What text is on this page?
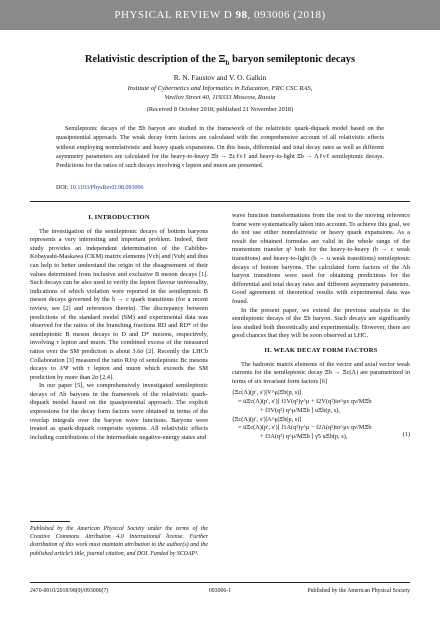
PHYSICAL REVIEW D 98, 093006 (2018)
Relativistic description of the $\Xi_b$ baryon semileptonic decays
R. N. Faustov and V. O. Galkin
Institute of Cybernetics and Informatics in Education, FRC CSC RAS,
Vavilov Street 40, 119333 Moscow, Russia
(Received 8 October 2018; published 21 November 2018)
Semileptonic decays of the Ξb baryon are studied in the framework of the relativistic quark-diquark model based on the quasipotential approach. The weak decay form factors are calculated with the comprehensive account of all relativistic effects without employing nonrelativistic and heavy quark expansions. On this basis, differential and total decay rates as well as different asymmetry parameters are calculated for the heavy-to-heavy Ξb → Ξcℓνℓ and heavy-to-light Ξb → Λℓνℓ semileptonic decays. Predictions for the ratios of such decays involving τ lepton and muon are presented.
DOI: 10.1103/PhysRevD.98.093006
I. INTRODUCTION

The investigation of the semileptonic decays of bottom baryons represents a very interesting and important problem. Indeed, their study provides an independent determination of the Cabibbo-Kobayashi-Maskawa (CKM) matrix elements |Vcb| and |Vub| and thus can help to better understand the origin of the disagreement of their values determined from inclusive and exclusive B meson decays [1]. Such decays can be also used to verify the lepton flavour universality, indications of which violation were reported in the semileptonic B meson decays governed by the b → c quark transitions (for a recent review, see [2] and references therein). The discrepancy between predictions of the standard model (SM) and experimental data was observed for the ratios of the branching fractions RD and RD* of the semileptonic B meson decays to D and D* mesons, respectively, involving τ lepton and muon. The combined excess of the measured ratios over the SM prediction is about 3.6σ [2]. Recently the LHCb Collaboration [3] measured the ratio RJ/ψ of semileptonic Bc mesons decays to J/Ψ with τ lepton and muon which exceeds the SM prediction by more than 2σ [2,4].

In our paper [5], we comprehensively investigated semileptonic decays of Λb baryons in the framework of the relativistic quark-diquark model based on the quasipotential approach. The explicit expressions for the decay form factors were obtained in terms of the overlap integrals over the baryon wave functions. Baryons were treated as quark-diquark composite systems. All relativistic effects including contributions of the intermediate negative-energy states and

Published by the American Physical Society under the terms of the Creative Commons Attribution 4.0 International license. Further distribution of this work must maintain attribution to the author(s) and the published article’s title, journal citation, and DOI. Funded by SCOAP³.

wave function transformations from the rest to the moving reference frame were systematically taken into account. To achieve this goal, we do not use either nonrelativistic or heavy quark expansions. As a result the obtained formulas are valid in the whole range of the momentum transfer q² both for the heavy-to-heavy (b → c weak transitions) and heavy-to-light (b → u weak transitions) semileptonic decays of bottom baryons. The calculated form factors of the Λb baryon transitions were used for obtaining predictions for the differential and total decay rates and different asymmetry parameters. Good agreement of theoretical results with experimental data was found.

In the present paper, we extend the previous analysis to the semileptonic decays of the Ξb baryon. Such decays are significantly less studied both theoretically and experimentally. However, there are good chances that they will be soon observed at LHC.

II. WEAK DECAY FORM FACTORS

The hadronic matrix elements of the vector and axial vector weak currents for the semileptonic decay Ξb → Ξc(Λ) are parametrized in terms of six invariant form factors [6]

⟨Ξc(Λ)(p′, s′)|V^μ|Ξb(p, s)⟩
= ūΞc(Λ)(p′, s′)[ f1V(q²)γ^μ + f2V(q²)iσ^μν qν/MΞb
+ f3V(q²) q^μ/MΞb ] uΞb(p, s),
⟨Ξc(Λ)(p′, s′)|A^μ|Ξb(p, s)⟩
= ūΞc(Λ)(p′, s′)[ f1A(q²)γ^μ − f2A(q²)iσ^μν qν/MΞb
+ f3A(q²) q^μ/MΞb ] γ5 uΞb(p, s),	(1)
2470-0010/2018/98(9)/093006(7)	093006-1	Published by the American Physical Society
